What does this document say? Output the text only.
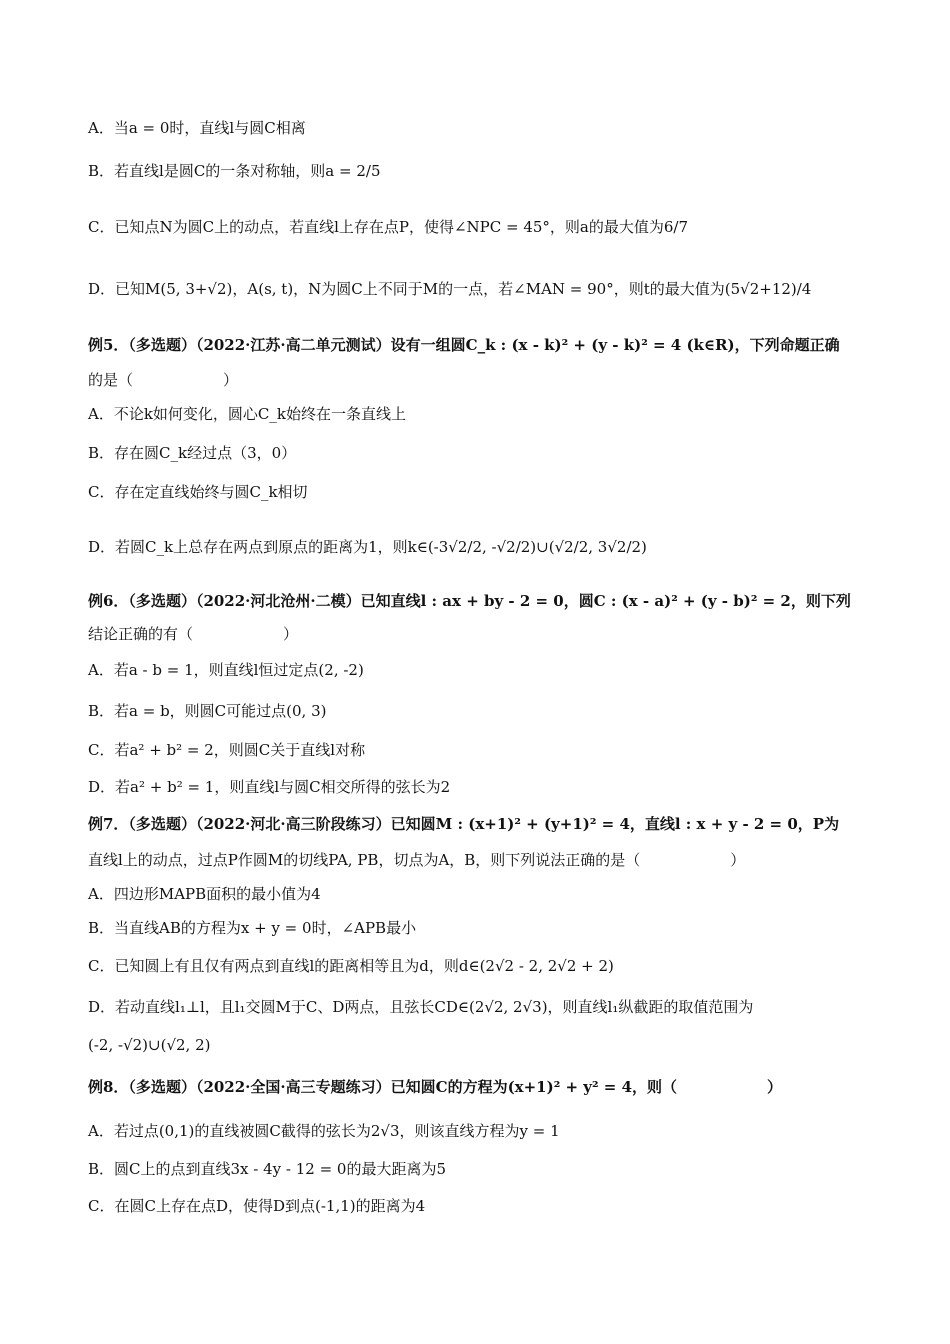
A．当a = 0时，直线l与圆C相离
B．若直线l是圆C的一条对称轴，则a = 2/5
C．已知点N为圆C上的动点，若直线l上存在点P，使得∠NPC = 45°，则a的最大值为6/7
D．已知M(5, 3+√2)，A(s, t)，N为圆C上不同于M的一点，若∠MAN = 90°，则t的最大值为(5√2+12)/4
例5．（多选题）（2022·江苏·高二单元测试）设有一组圆C_k : (x - k)² + (y - k)² = 4 (k∈R)，下列命题正确
的是（　　　　　　）
A．不论k如何变化，圆心C_k始终在一条直线上
B．存在圆C_k经过点（3，0）
C．存在定直线始终与圆C_k相切
D．若圆C_k上总存在两点到原点的距离为1，则k∈(-3√2/2, -√2/2)∪(√2/2, 3√2/2)
例6．（多选题）（2022·河北沧州·二模）已知直线l : ax + by - 2 = 0，圆C : (x - a)² + (y - b)² = 2，则下列
结论正确的有（　　　　　　）
A．若a - b = 1，则直线l恒过定点(2, -2)
B．若a = b，则圆C可能过点(0, 3)
C．若a² + b² = 2，则圆C关于直线l对称
D．若a² + b² = 1，则直线l与圆C相交所得的弦长为2
例7．（多选题）（2022·河北·高三阶段练习）已知圆M : (x+1)² + (y+1)² = 4，直线l : x + y - 2 = 0，P为
直线l上的动点，过点P作圆M的切线PA, PB，切点为A，B，则下列说法正确的是（　　　　　　）
A．四边形MAPB面积的最小值为4
B．当直线AB的方程为x + y = 0时，∠APB最小
C．已知圆上有且仅有两点到直线l的距离相等且为d，则d∈(2√2 - 2, 2√2 + 2)
D．若动直线l₁⊥l，且l₁交圆M于C、D两点，且弦长CD∈(2√2, 2√3)，则直线l₁纵截距的取值范围为
(-2, -√2)∪(√2, 2)
例8．（多选题）（2022·全国·高三专题练习）已知圆C的方程为(x+1)² + y² = 4，则（　　　　　　）
A．若过点(0,1)的直线被圆C截得的弦长为2√3，则该直线方程为y = 1
B．圆C上的点到直线3x - 4y - 12 = 0的最大距离为5
C．在圆C上存在点D，使得D到点(-1,1)的距离为4
